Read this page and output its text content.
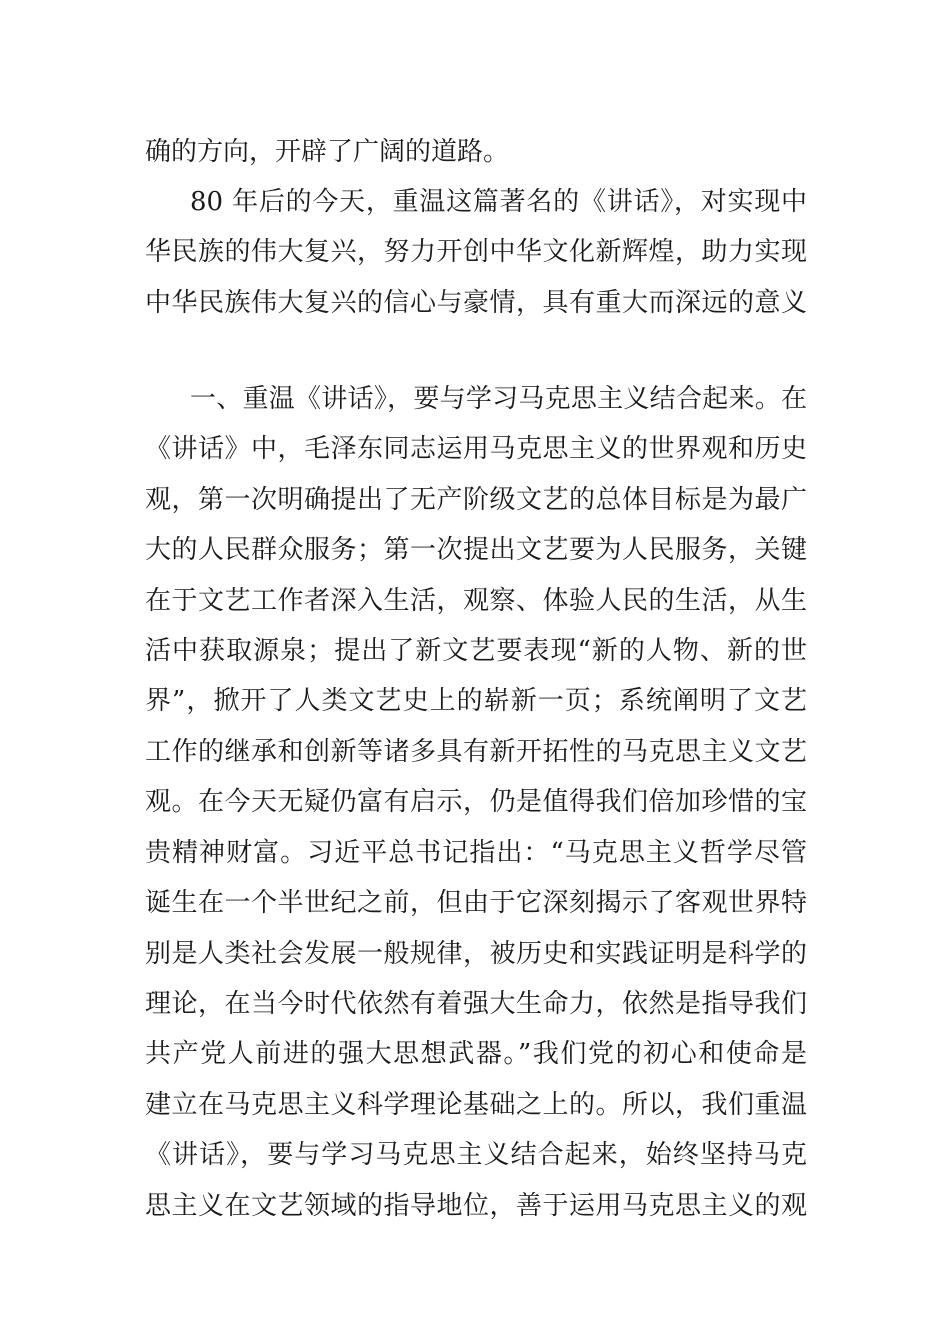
确的方向，开辟了广阔的道路。
80 年后的今天，重温这篇著名的《讲话》，对实现中
华民族的伟大复兴，努力开创中华文化新辉煌，助力实现
中华民族伟大复兴的信心与豪情，具有重大而深远的意义
一、重温《讲话》，要与学习马克思主义结合起来。在
《讲话》中，毛泽东同志运用马克思主义的世界观和历史
观，第一次明确提出了无产阶级文艺的总体目标是为最广
大的人民群众服务；第一次提出文艺要为人民服务，关键
在于文艺工作者深入生活，观察、体验人民的生活，从生
活中获取源泉；提出了新文艺要表现“新的人物、新的世
界”，掀开了人类文艺史上的崭新一页；系统阐明了文艺
工作的继承和创新等诸多具有新开拓性的马克思主义文艺
观。在今天无疑仍富有启示，仍是值得我们倍加珍惜的宝
贵精神财富。习近平总书记指出：“马克思主义哲学尽管
诞生在一个半世纪之前，但由于它深刻揭示了客观世界特
别是人类社会发展一般规律，被历史和实践证明是科学的
理论，在当今时代依然有着强大生命力，依然是指导我们
共产党人前进的强大思想武器。”我们党的初心和使命是
建立在马克思主义科学理论基础之上的。所以，我们重温
《讲话》，要与学习马克思主义结合起来，始终坚持马克
思主义在文艺领域的指导地位，善于运用马克思主义的观
